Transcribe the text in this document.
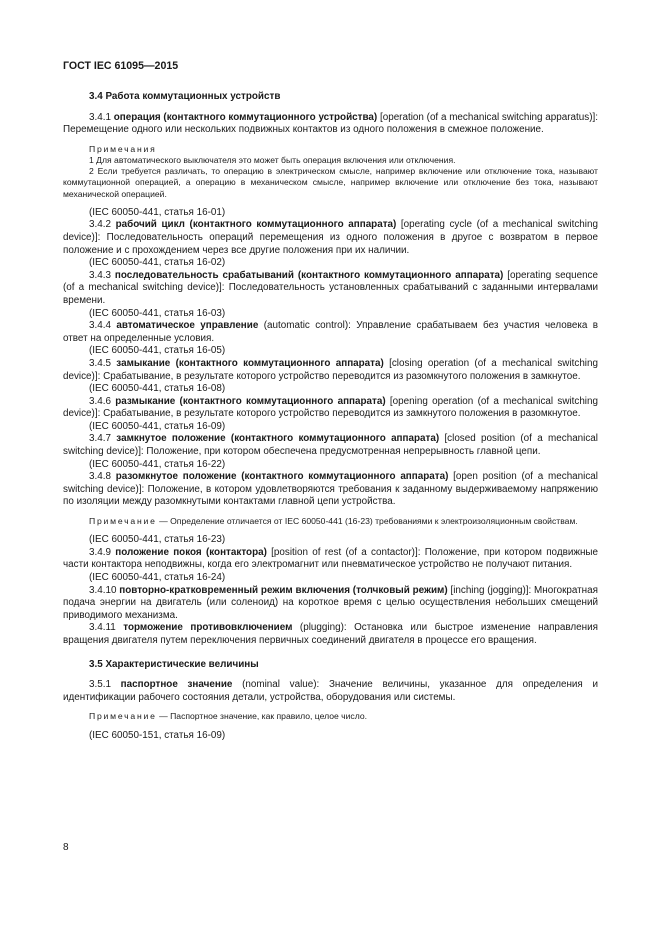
ГОСТ IEC 61095—2015

3.4 Работа коммутационных устройств

3.4.1 операция (контактного коммутационного устройства) [operation (of a mechanical switching apparatus)]: Перемещение одного или нескольких подвижных контактов из одного положения в смежное положение.

Примечания

1 Для автоматического выключателя это может быть операция включения или отключения.

2 Если требуется различать, то операцию в электрическом смысле, например включение или отключение тока, называют коммутационной операцией, а операцию в механическом смысле, например включение или отключение без тока, называют механической операцией.

(IEC 60050-441, статья 16-01)

3.4.2 рабочий цикл (контактного коммутационного аппарата) [operating cycle (of a mechanical switching device)]: Последовательность операций перемещения из одного положения в другое с возвратом в первое положение и с прохождением через все другие положения при их наличии.

(IEC 60050-441, статья 16-02)

3.4.3 последовательность срабатываний (контактного коммутационного аппарата) [operating sequence (of a mechanical switching device)]: Последовательность установленных срабатываний с заданными интервалами времени.

(IEC 60050-441, статья 16-03)

3.4.4 автоматическое управление (automatic control): Управление срабатываем без участия человека в ответ на определенные условия.

(IEC 60050-441, статья 16-05)

3.4.5 замыкание (контактного коммутационного аппарата) [closing operation (of a mechanical switching device)]: Срабатывание, в результате которого устройство переводится из разомкнутого положения в замкнутое.

(IEC 60050-441, статья 16-08)

3.4.6 размыкание (контактного коммутационного аппарата) [opening operation (of a mechanical switching device)]: Срабатывание, в результате которого устройство переводится из замкнутого положения в разомкнутое.

(IEC 60050-441, статья 16-09)

3.4.7 замкнутое положение (контактного коммутационного аппарата) [closed position (of a mechanical switching device)]: Положение, при котором обеспечена предусмотренная непрерывность главной цепи.

(IEC 60050-441, статья 16-22)

3.4.8 разомкнутое положение (контактного коммутационного аппарата) [open position (of a mechanical switching device)]: Положение, в котором удовлетворяются требования к заданному выдерживаемому напряжению по изоляции между разомкнутыми контактами главной цепи устройства.

Примечание — Определение отличается от IEC 60050-441 (16-23) требованиями к электроизоляционным свойствам.

(IEC 60050-441, статья 16-23)

3.4.9 положение покоя (контактора) [position of rest (of a contactor)]: Положение, при котором подвижные части контактора неподвижны, когда его электромагнит или пневматическое устройство не получают питания.

(IEC 60050-441, статья 16-24)

3.4.10 повторно-кратковременный режим включения (толчковый режим) [inching (jogging)]: Многократная подача энергии на двигатель (или соленоид) на короткое время с целью осуществления небольших смещений приводимого механизма.

3.4.11 торможение противовключением (plugging): Остановка или быстрое изменение направления вращения двигателя путем переключения первичных соединений двигателя в процессе его вращения.

3.5 Характеристические величины

3.5.1 паспортное значение (nominal value): Значение величины, указанное для определения и идентификации рабочего состояния детали, устройства, оборудования или системы.

Примечание — Паспортное значение, как правило, целое число.

(IEC 60050-151, статья 16-09)

8
